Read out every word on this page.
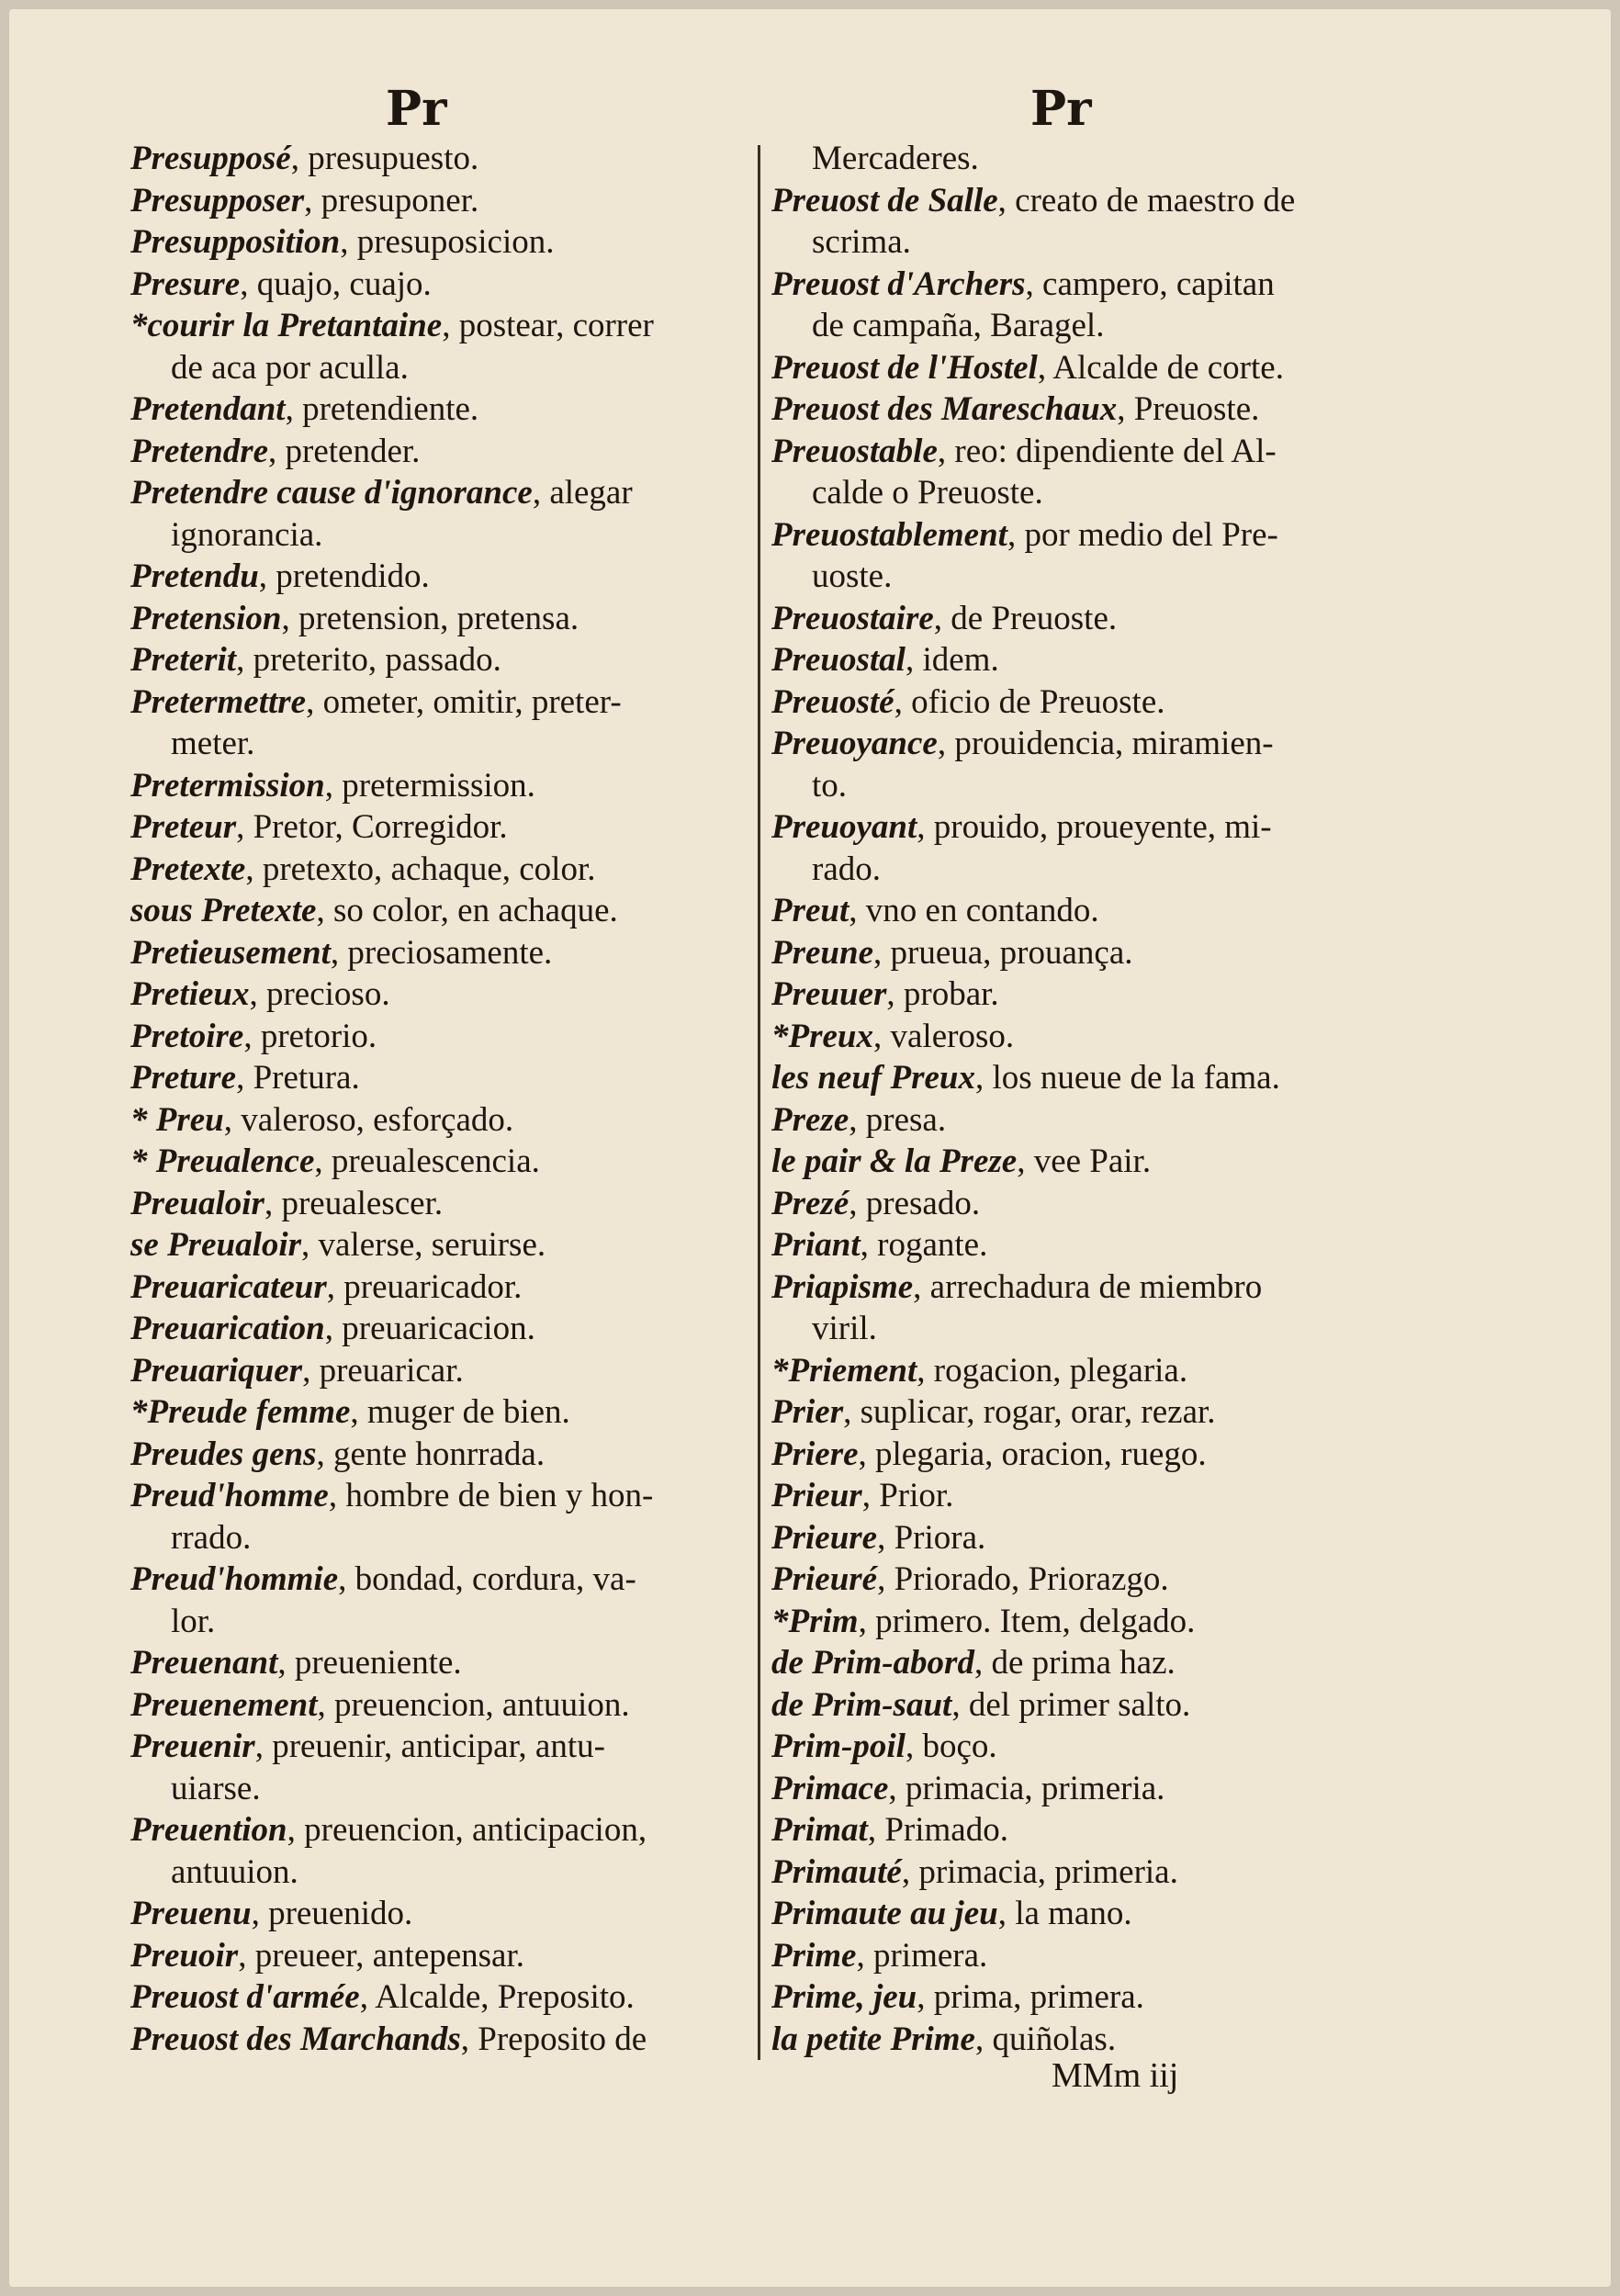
Pr	Pr
Presupposé, presupuesto.
Presupposer, presuponer.
Presupposition, presuposicion.
Presure, quajo, cuajo.
*courir la Pretantaine, postear, correr
de aca por aculla.
Pretendant, pretendiente.
Pretendre, pretender.
Pretendre cause d'ignorance, alegar
ignorancia.
Pretendu, pretendido.
Pretension, pretension, pretensa.
Preterit, preterito, passado.
Pretermettre, ometer, omitir, preter-
meter.
Pretermission, pretermission.
Preteur, Pretor, Corregidor.
Pretexte, pretexto, achaque, color.
sous Pretexte, so color, en achaque.
Pretieusement, preciosamente.
Pretieux, precioso.
Pretoire, pretorio.
Preture, Pretura.
* Preu, valeroso, esforçado.
* Preualence, preualescencia.
Preualoir, preualescer.
se Preualoir, valerse, seruirse.
Preuaricateur, preuaricador.
Preuarication, preuaricacion.
Preuariquer, preuaricar.
*Preude femme, muger de bien.
Preudes gens, gente honrrada.
Preud'homme, hombre de bien y hon-
rrado.
Preud'hommie, bondad, cordura, va-
lor.
Preuenant, preueniente.
Preuenement, preuencion, antuuion.
Preuenir, preuenir, anticipar, antu-
uiarse.
Preuention, preuencion, anticipacion,
antuuion.
Preuenu, preuenido.
Preuoir, preueer, antepensar.
Preuost d'armée, Alcalde, Preposito.
Preuost des Marchands, Preposito de
Mercaderes.
Preuost de Salle, creato de maestro de
scrima.
Preuost d'Archers, campero, capitan
de campaña, Baragel.
Preuost de l'Hostel, Alcalde de corte.
Preuost des Mareschaux, Preuoste.
Preuostable, reo: dipendiente del Al-
calde o Preuoste.
Preuostablement, por medio del Pre-
uoste.
Preuostaire, de Preuoste.
Preuostal, idem.
Preuosté, oficio de Preuoste.
Preuoyance, prouidencia, miramien-
to.
Preuoyant, prouido, proueyente, mi-
rado.
Preut, vno en contando.
Preune, prueua, prouança.
Preuuer, probar.
*Preux, valeroso.
les neuf Preux, los nueue de la fama.
Preze, presa.
le pair & la Preze, vee Pair.
Prezé, presado.
Priant, rogante.
Priapisme, arrechadura de miembro
viril.
*Priement, rogacion, plegaria.
Prier, suplicar, rogar, orar, rezar.
Priere, plegaria, oracion, ruego.
Prieur, Prior.
Prieure, Priora.
Prieuré, Priorado, Priorazgo.
*Prim, primero. Item, delgado.
de Prim-abord, de prima haz.
de Prim-saut, del primer salto.
Prim-poil, boço.
Primace, primacia, primeria.
Primat, Primado.
Primauté, primacia, primeria.
Primaute au jeu, la mano.
Prime, primera.
Prime, jeu, prima, primera.
la petite Prime, quiñolas.
MMm iij
